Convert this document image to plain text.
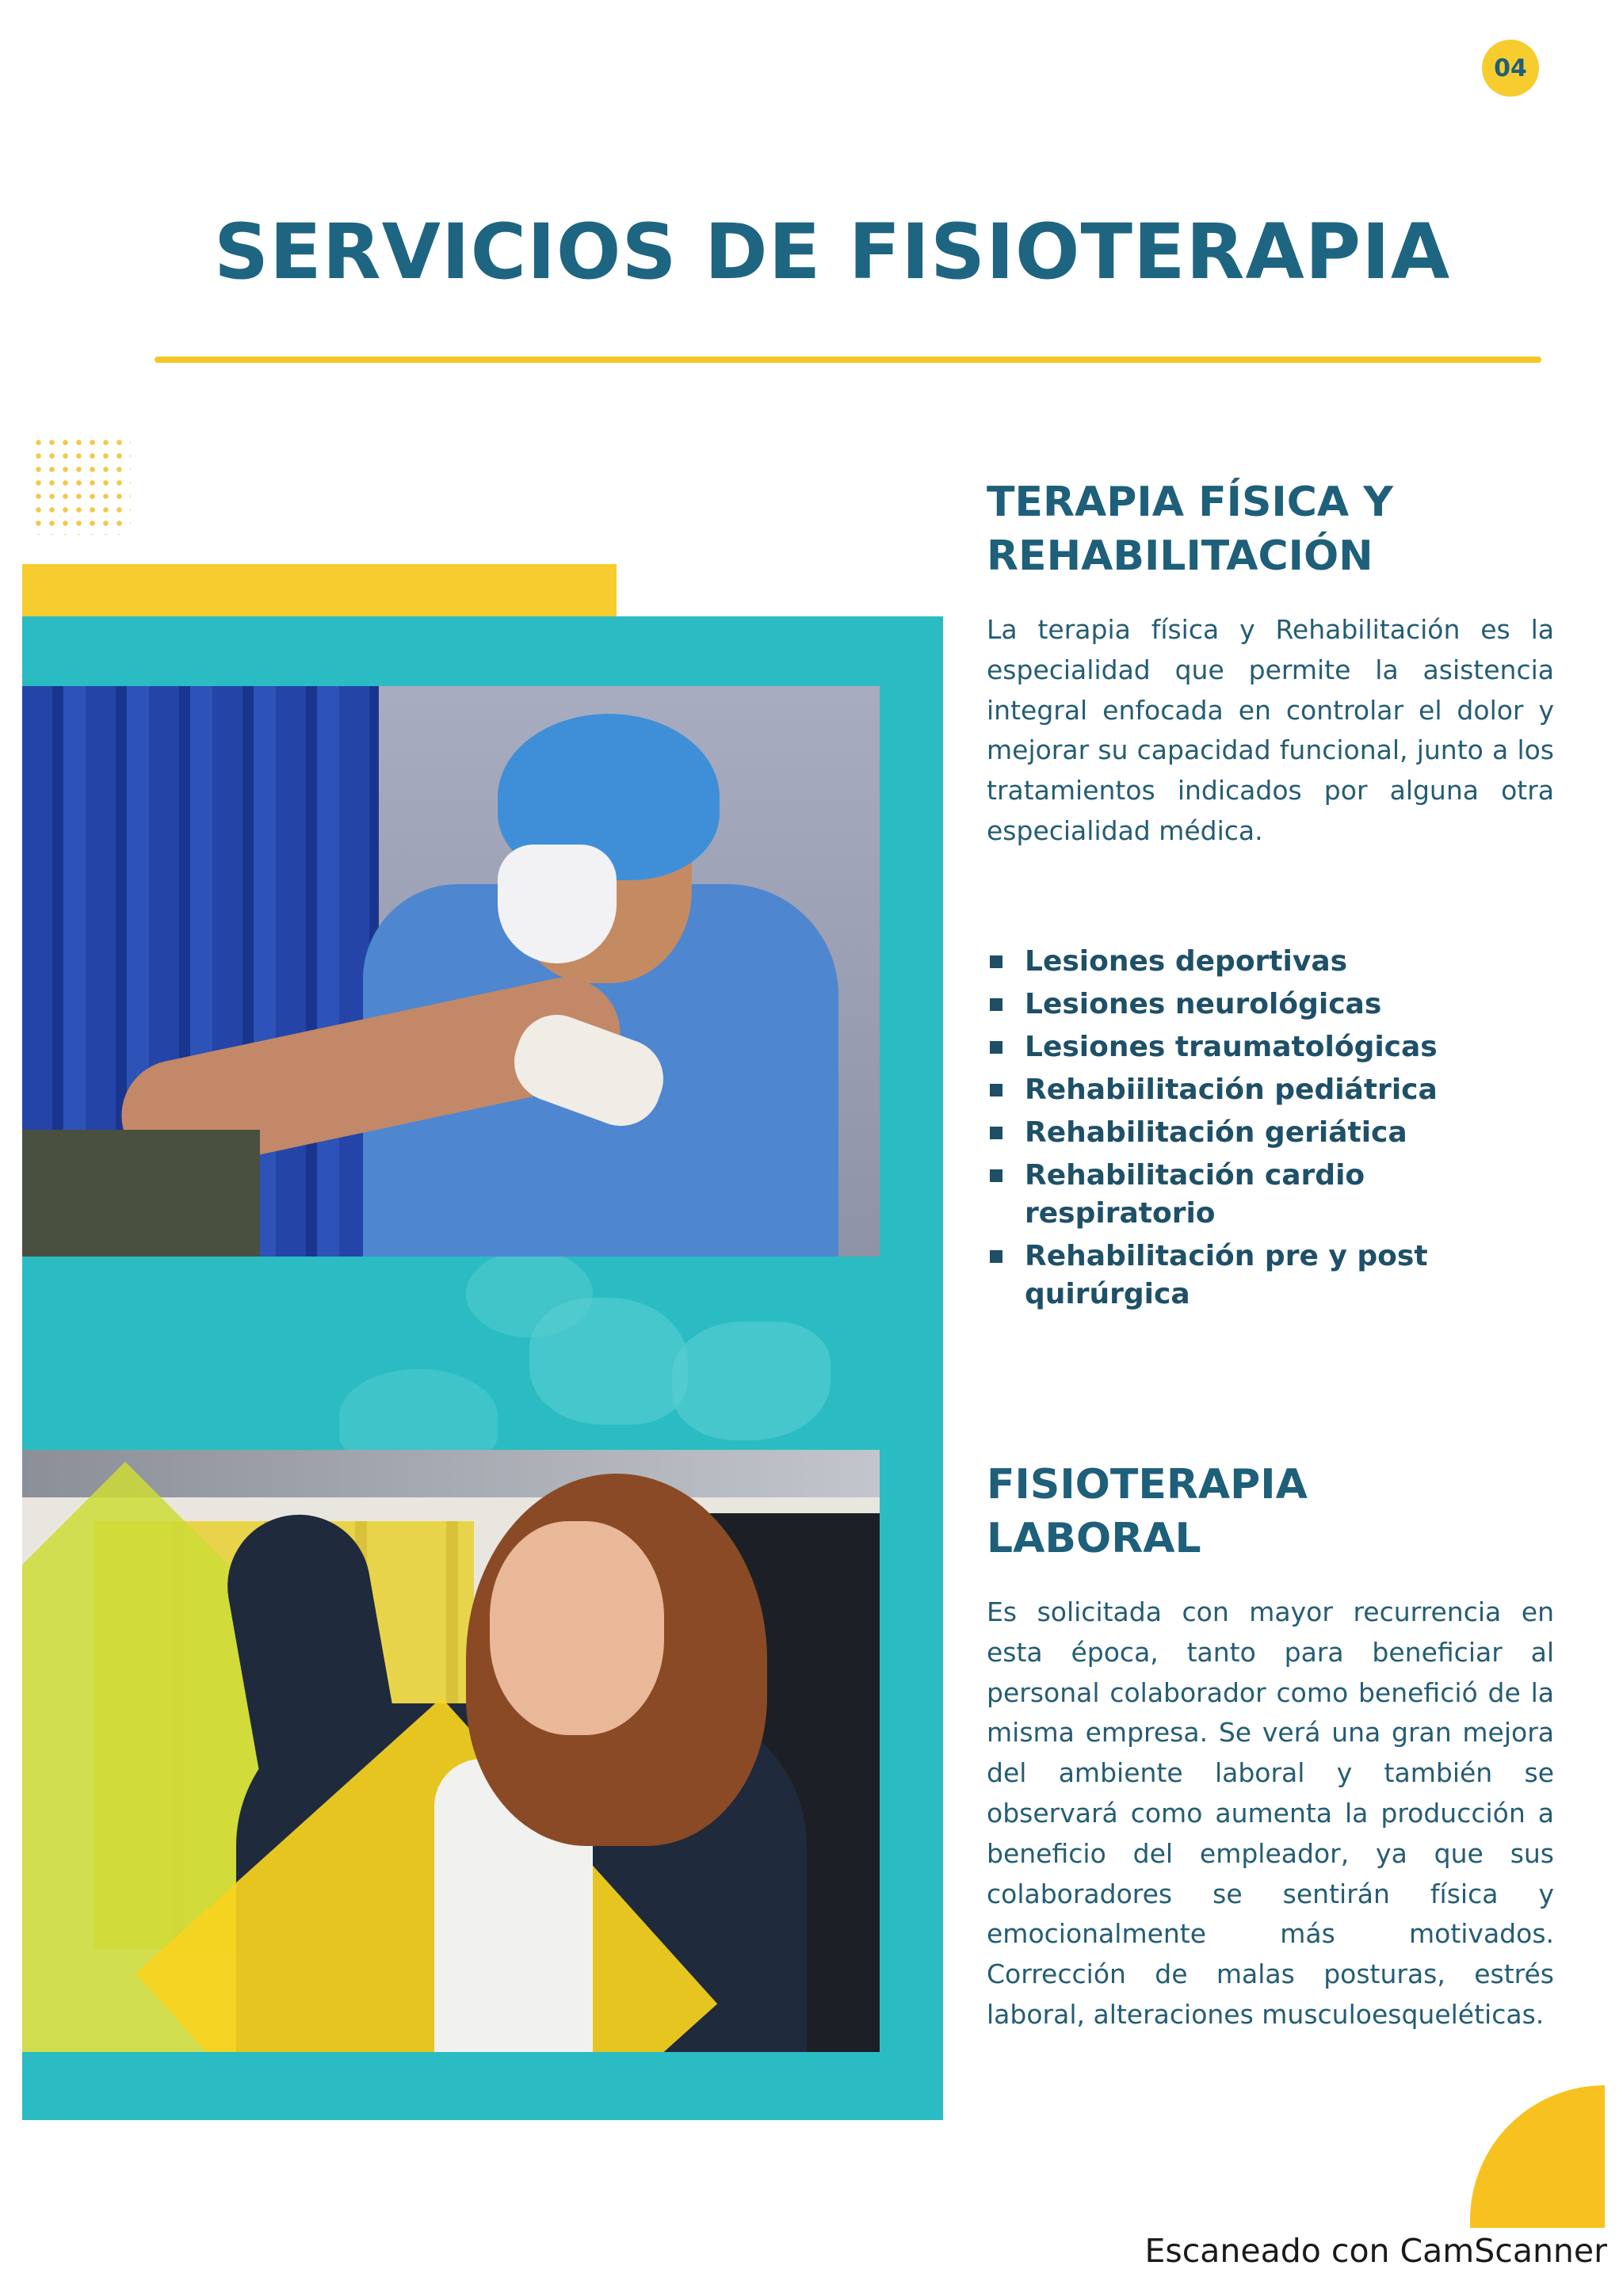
04
SERVICIOS DE FISIOTERAPIA
TERAPIA FÍSICA Y
REHABILITACIÓN

La terapia física y Rehabilitación es la especialidad que permite la asistencia integral enfocada en controlar el dolor y mejorar su capacidad funcional, junto a los tratamientos indicados por alguna otra especialidad médica.

Lesiones deportivas
Lesiones neurológicas
Lesiones traumatológicas
Rehabiilitación pediátrica
Rehabilitación geriática
Rehabilitación cardio respiratorio
Rehabilitación pre y post quirúrgica
FISIOTERAPIA
LABORAL

Es solicitada con mayor recurrencia en esta época, tanto para beneficiar al personal colaborador como benefició de la misma empresa. Se verá una gran mejora del ambiente laboral y también se observará como aumenta la producción a beneficio del empleador, ya que sus colaboradores se sentirán física y emocionalmente más motivados. Corrección de malas posturas, estrés laboral, alteraciones musculoesqueléticas.

Escaneado con CamScanner
